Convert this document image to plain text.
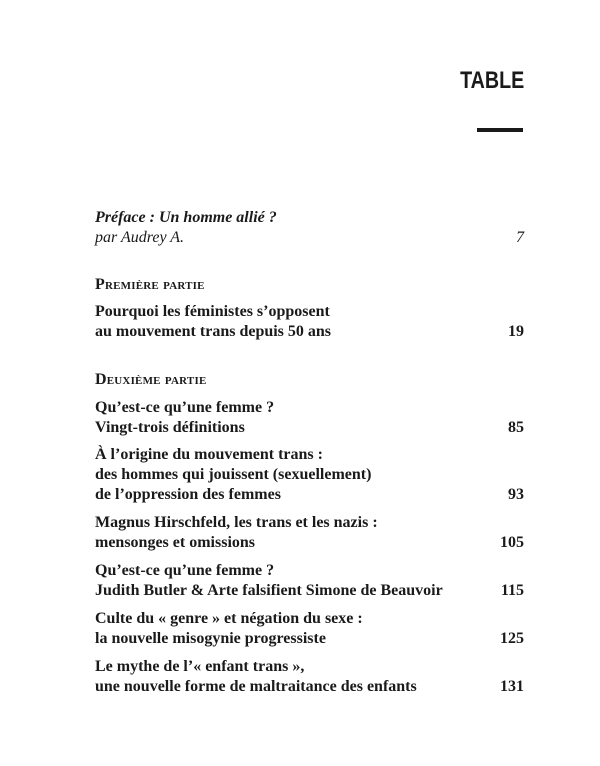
TABLE
Préface : Un homme allié ?
par Audrey A.	7
Première partie
Pourquoi les féministes s’opposent
au mouvement trans depuis 50 ans	19
Deuxième partie
Qu’est-ce qu’une femme ?
Vingt-trois définitions	85
À l’origine du mouvement trans :
des hommes qui jouissent (sexuellement)
de l’oppression des femmes	93
Magnus Hirschfeld, les trans et les nazis :
mensonges et omissions	105
Qu’est-ce qu’une femme ?
Judith Butler & Arte falsifient Simone de Beauvoir	115
Culte du « genre » et négation du sexe :
la nouvelle misogynie progressiste	125
Le mythe de l’« enfant trans »,
une nouvelle forme de maltraitance des enfants	131
